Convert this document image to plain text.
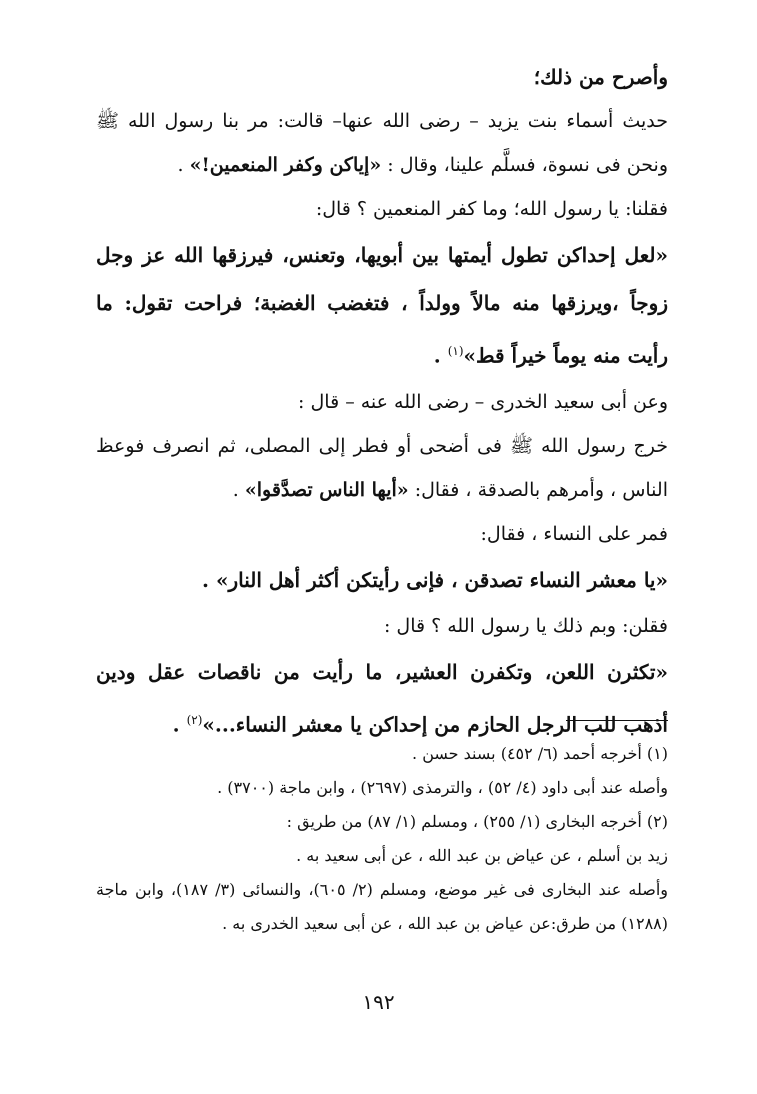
وأصرح من ذلك؛

حديث أسماء بنت يزيد – رضى الله عنها– قالت: مر بنا رسول الله ﷺ ونحن فى نسوة، فسلَّم علينا، وقال : «إياكن وكفر المنعمين!» .

فقلنا: يا رسول الله؛ وما كفر المنعمين ؟ قال:

«لعل إحداكن تطول أيمتها بين أبويها، وتعنس، فيرزقها الله عز وجل زوجاً ،ويرزقها منه مالاً وولداً ، فتغضب الغضبة؛ فراحت تقول: ما رأيت منه يوماً خيراً قط»$^{(١)}$ .

وعن أبى سعيد الخدرى – رضى الله عنه – قال :

خرج رسول الله ﷺ فى أضحى أو فطر إلى المصلى، ثم انصرف فوعظ الناس ، وأمرهم بالصدقة ، فقال: «أيها الناس تصدَّقوا» .

فمر على النساء ، فقال:

«يا معشر النساء تصدقن ، فإنى رأيتكن أكثر أهل النار» .

فقلن: وبم ذلك يا رسول الله ؟ قال :

«تكثرن اللعن، وتكفرن العشير، ما رأيت من ناقصات عقل ودين أذهب للب الرجل الحازم من إحداكن يا معشر النساء...»$^{(٢)}$ .

(١) أخرجه أحمد (٦/ ٤٥٢) بسند حسن .

وأصله عند أبى داود (٤/ ٥٢) ، والترمذى (٢٦٩٧) ، وابن ماجة (٣٧٠٠) .

(٢) أخرجه البخارى (١/ ٢٥٥) ، ومسلم (١/ ٨٧) من طريق :

زيد بن أسلم ، عن عياض بن عبد الله ، عن أبى سعيد به .

وأصله عند البخارى فى غير موضع، ومسلم (٢/ ٦٠٥)، والنسائى (٣/ ١٨٧)، وابن ماجة (١٢٨٨) من طرق:عن عياض بن عبد الله ، عن أبى سعيد الخدرى به .

١٩٢
